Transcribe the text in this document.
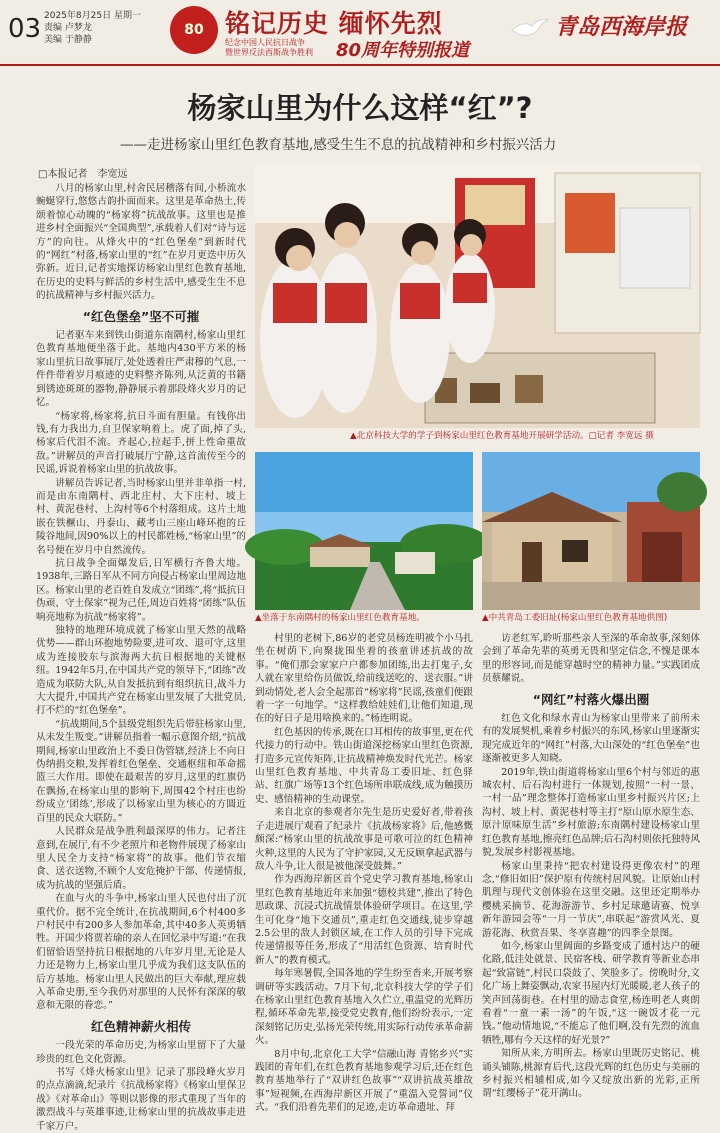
03 2025年8月25日 星期一
责编 卢梦龙
美编 于静静
80 铭记历史 缅怀先烈
纪念中国人民抗日战争
暨世界反法西斯战争胜利	80周年特别报道
青岛西海岸报
杨家山里为什么这样“红”?
——走进杨家山里红色教育基地,感受生生不息的抗战精神和乡村振兴活力
□本报记者　李宽远

八月的杨家山里,村舍民居稽落有间,小桥流水蜿蜒穿行,悠悠古韵扑面而来。这里是革命热土,传颂着惊心动魄的“杨家将”抗战故事。这里也是推进乡村全面振兴“全国典型”,承载着人们对“诗与远方”的向往。从烽火中的“红色堡垒”到新时代的“网红”村落,杨家山里的“红”在岁月更迭中历久弥新。近日,记者实地探访杨家山里红色教育基地,在历史的史料与鲜活的乡村生活中,感受生生不息的抗战精神与乡村振兴活力。

“红色堡垒”坚不可摧

记者驱车来到铁山街道东南隅村,杨家山里红色教育基地便坐落于此。基地内430平方米的杨家山里抗日故事展厅,处处透着庄严肃穆的气息,一件件带着岁月痕迹的史料整齐陈列,从泛黄的书籍到锈迹斑斑的器物,静静展示着那段烽火岁月的记忆。

“杨家将,杨家将,抗日斗面有胆量。有钱你出钱,有力我出力,自卫保家响着上。虎了面,掉了头,杨家后代泪不流。齐起心,拉起手,拼上性命重故敌。”讲解员的声音打破展厅宁静,这首流传至今的民谣,诉说着杨家山里的抗战故事。

讲解员告诉记者,当时杨家山里并非单指一村,而是由东南隅村、西北庄村、大下庄村、坡上村、黄泥巷村、上沟村等6个村落组成。这片土地嵌在铁橛山、丹泰山、藏考山三座山峰环抱的丘陵谷地间,因90%以上的村民都姓杨,“杨家山里”的名号便在岁月中自然流传。

抗日战争全面爆发后,日军横行齐鲁大地。1938年,三路日军从不同方向侵占杨家山里周边地区。杨家山里的老百姓自发成立“团练”,将“抵抗日伪顽、守土保家”视为己任,周边百姓将“团练”队伍响亮地称为抗战“杨家将”。

独特的地理环境成就了杨家山里天然的战略优势——群山环抱地势险要,进可攻、退可守,这里成为连接胶东与滨海两大抗日根据地的关键枢纽。1942年5月,在中国共产党的领导下,“团练”改造成为联防大队,从自发抵抗到有组织抗日,战斗力大大提升,中国共产党在杨家山里发展了大批党员,打不烂的“红色堡垒”。

“抗战期间,5个县级党组织先后带驻杨家山里,从未发生叛变。”讲解员指着一幅示意图介绍,“抗战期间,杨家山里政治上不委日伪管辖,经济上不向日伪纳捐交粮,发挥着红色堡垒、交通枢纽和革命摇篮三大作用。即使在最艰苦的岁月,这里的红旗仍在飘扬,在杨家山里的影响下,周围42个村庄也纷纷成立‘团练’,形成了以杨家山里为核心的方圆近百里的民众大联防。”

人民群众是战争胜利最深厚的伟力。记者注意到,在展厅,有不少老照片和老物件展现了杨家山里人民全力支持“杨家将”的故事。他们节衣缩食、送衣送物,不顾个人安危掩护干部、传递情报,成为抗战的坚强后盾。

在血与火的斗争中,杨家山里人民也付出了沉重代价。据不完全统计,在抗战期间,6个村400多户村民中有200多人参加革命,其中40多人英勇牺牲。开国少将贾若瑜的亲人在回忆录中写道:“在我们留恰语坚持抗日根据地的八年岁月里,无论是人力还是物力上,杨家山里几乎成为我们这支队伍的后方基地。杨家山里人民做出的巨大奉献,理应载入革命史册,至今我仍对那里的人民怀有深深的敬意和无限的眷恋。”

红色精神薪火相传

一段光荣的革命历史,为杨家山里留下了大量珍贵的红色文化资源。

书写《烽火杨家山里》记录了那段峰火岁月的点点滴滴,纪录片《抗战杨家将》《杨家山里保卫战》《对革命山》等则以影像的形式重现了当年的激烈战斗与英雄事迹,让杨家山里的抗战故事走进千家万户。

▲北京科技大学的学子到杨家山里红色教育基地开展研学活动。□记者 李宽远 摄
▲坐落于东南隅村的杨家山里红色教育基地。	▲中共青岛工委旧址(杨家山里红色教育基地供图)

村里的老树下,86岁的老党员杨连明被个小马扎坐在树荫下,向聚拢围坐着的孩童讲述抗战的故事。“俺们那会家家户户都参加团练,出去打鬼子,女人就在家里给伤员做饭,给前线送吃的、送衣服。”讲到动情处,老人会全起那首“杨家将”民谣,孩童们便跟着一字一句地学。“这样教给娃娃们,让他们知道,现在的好日子是用啥换来的。”杨连明说。

红色基因的传承,既在口耳相传的故事里,更在代代接力的行动中。铁山街道深挖杨家山里红色资源,打造多元宣传矩阵,让抗战精神焕发时代光芒。杨家山里红色教育基地、中共青岛工委旧址、红色驿站、红旗广场等13个红色场所串联成线,成为触摸历史、感悟精神的生动课堂。

来自北京的参观者尔先生是历史爱好者,带着孩子走进展厅观看了纪录片《抗战杨家将》后,他感慨颇深:“杨家山里的抗战故事是可歌可泣的红色精神火种,这里的人民为了守护家园,又无反顾拿起武器与敌人斗争,让人很是被他深受鼓舞。”

作为西海岸新区首个党史学习教育基地,杨家山里红色教育基地近年来加强“德校共建”,推出了特色思政课、沉浸式抗战情景体验研学项目。在这里,学生可化身“地下交通员”,重走红色交通线,徒步穿越2.5公里的敌人封锁区域,在工作人员的引导下完成传递情报等任务,形成了“用活红色资源、培育时代新人”的教育模式。

每年寒暑假,全国各地的学生纷至沓来,开展考察调研等实践活动。7月下旬,北京科技大学的学子们在杨家山里红色教育基地入久伫立,重温党的光辉历程,循环革命先辈,接受党史教育,他们纷纷表示,一定深刻铭记历史,弘扬光荣传统,用实际行动传承革命薪火。

8月中旬,北京化工大学“信融山海 青铭乡兴”实践团的青年们,在红色教育基地参观学习后,还在红色教育基地举行了“双讲红色故事”“双讲抗战英雄故事”短视频,在西海岸新区开展了“重温入党誓词”仪式。“我们沿着先辈们的足迹,走访革命遗址、拜

访老红军,聆听那些亲人至深的革命故事,深刻体会到了革命先辈的英勇无畏和坚定信念,不愧是课本里的形容词,而是能穿越时空的精神力量。”实践团成员蔡耀说。

“网红”村落火爆出圈

红色文化和绿水青山为杨家山里带来了前所未有的发展契机,乘着乡村振兴的东风,杨家山里逐渐实现完成近年的“网红”村落,大山深处的“红色堡垒”也逐渐被更多人知晓。

2019年,铁山街道将杨家山里6个村与邻近的惠城农村、后石沟村进行一体规划,按照“一村一景、一村一品”理念整体打造杨家山里乡村振兴片区;上沟村、坡上村、黄泥巷村等主打“原山原水原生态、原汁原味原生活”乡村旅游;东南隅村建设杨家山里红色教育基地,擦亮红色品牌;后石沟村则依托独特风貌,发展乡村影视基地。

杨家山里秉持“把农村建设得更像农村”的理念,“修旧如旧”保护原有传统村居风貌。让原始山村肌理与现代文创体验在这里交融。这里还定期举办樱桃采摘节、花海游游节、乡村足球邀请赛、悦享新年游园会等“一月一节庆”,串联起“游赏风光、夏游花海、秋赏吾果、冬享喜趣”的四季全景图。

如今,杨家山里阔面的乡路变成了通村达户的硬化路,低洼处就景、民宿客栈、研学教育等新业态串起“致富链”,村民口袋鼓了、笑脸多了。傍晚时分,文化广场上舞姿飘动,农家书屋内灯光暖暖,老人孩子的笑声回荡街巷。在村里的励志食堂,杨连明老人爽朗看着“一童一素一汤”的午饭,“这一碗饭才花一元钱。”他动情地说,“不能忘了他们啊,没有先烈的流血牺牲,哪有今天这样的好光景?”

知所从来,方明所去。杨家山里既厉史铭记、桃诵头铺陈,桃源育后代,这段光辉的红色历史与美丽的乡村振兴相辅相成,如今又绽放出新的光彩,正所谓“红缨杨子”花开满山。
